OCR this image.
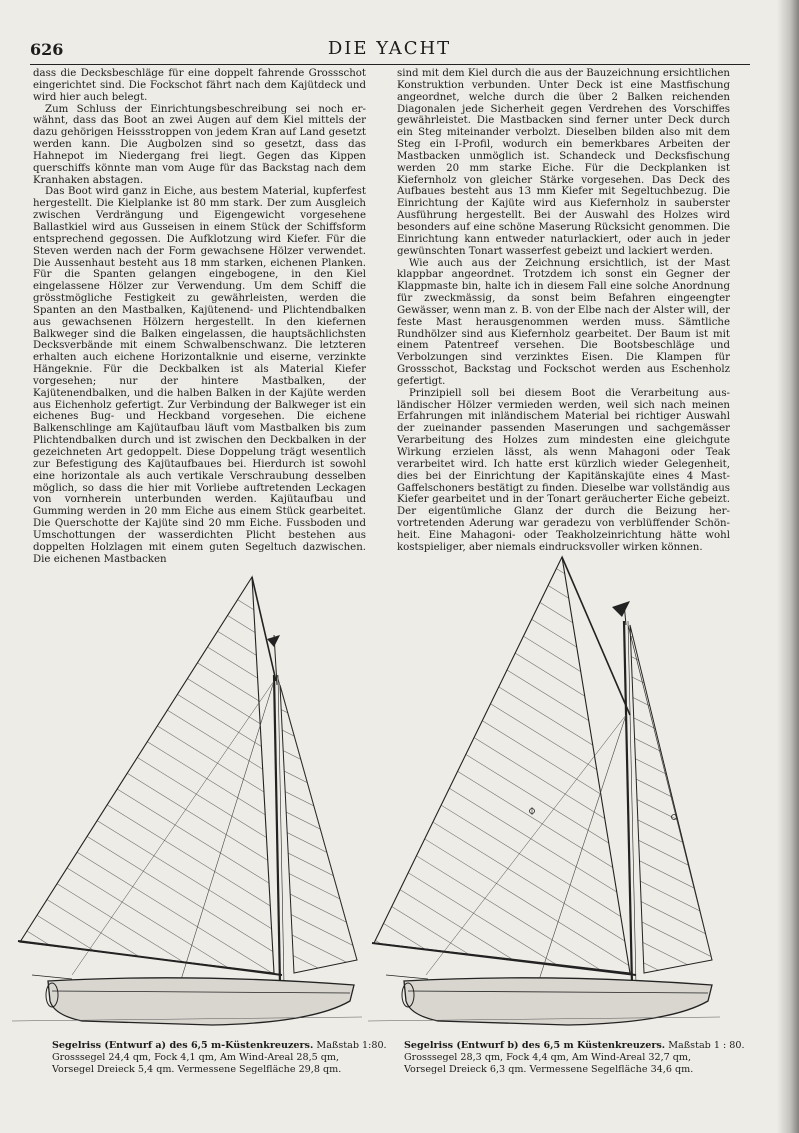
626	DIE YACHT

dass die Decksbeschläge für eine doppelt fahrende Grossschot eingerichtet sind. Die Fockschot fährt nach dem Kajütdeck und wird hier auch belegt.

Zum Schluss der Einrichtungsbeschreibung sei noch erwähnt, dass das Boot an zwei Augen auf dem Kiel mittels der dazu gehörigen Heissstroppen von jedem Kran auf Land gesetzt werden kann. Die Augbolzen sind so gesetzt, dass das Hahnepot im Niedergang frei liegt. Gegen das Kippen querschiffs könnte man vom Auge für das Backstag nach dem Kranhaken abstagen.

Das Boot wird ganz in Eiche, aus bestem Material, kupferfest hergestellt. Die Kielplanke ist 80 mm stark. Der zum Ausgleich zwischen Verdrängung und Eigengewicht vorgesehene Ballastkiel wird aus Gusseisen in einem Stück der Schiffsform entsprechend gegossen. Die Aufklotzung wird Kiefer. Für die Steven werden nach der Form gewachsene Hölzer verwendet. Die Aussenhaut besteht aus 18 mm starken, eichenen Planken. Für die Spanten gelangen eingebogene, in den Kiel eingelassene Hölzer zur Verwendung. Um dem Schiff die grösstmögliche Festigkeit zu gewährleisten, werden die Spanten an den Mastbalken, Kajütenend- und Plichtendbalken aus gewachsenen Hölzern hergestellt. In den kiefernen Balkweger sind die Balken eingelassen, die hauptsächlichsten Decksverbände mit einem Schwalbenschwanz. Die letzteren erhalten auch eichene Horizontalknie und eiserne, verzinkte Hängeknie. Für die Deckbalken ist als Material Kiefer vorgesehen; nur der hintere Mastbalken, der Kajütenendbalken, und die halben Balken in der Kajüte werden aus Eichenholz gefertigt. Zur Verbindung der Balkweger ist ein eichenes Bug- und Heckband vorgesehen. Die eichene Balkenschlinge am Kajütaufbau läuft vom Mastbalken bis zum Plichtendbalken durch und ist zwischen den Deckbalken in der gezeichneten Art gedoppelt. Diese Doppelung trägt wesentlich zur Befestigung des Kajütaufbaues bei. Hierdurch ist sowohl eine horizontale als auch vertikale Verschraubung desselben möglich, so dass die hier mit Vorliebe auftretenden Leckagen von vornherein unterbunden werden. Kajütaufbau und Gumming werden in 20 mm Eiche aus einem Stück gearbeitet. Die Querschotte der Kajüte sind 20 mm Eiche. Fussboden und Umschottungen der wasserdichten Plicht bestehen aus doppelten Holzlagen mit einem guten Segeltuch dazwischen. Die eichenen Mastbacken

sind mit dem Kiel durch die aus der Bauzeichnung ersichtlichen Konstruktion verbunden. Unter Deck ist eine Mastfischung angeordnet, welche durch die über 2 Balken reichenden Diagonalen jede Sicherheit gegen Verdrehen des Vorschiffes gewährleistet. Die Mastbacken sind ferner unter Deck durch ein Steg miteinander verbolzt. Dieselben bilden also mit dem Steg ein I-Profil, wodurch ein bemerkbares Arbeiten der Mastbacken unmöglich ist. Schandeck und Decksfischung werden 20 mm starke Eiche. Für die Deckplanken ist Kiefernholz von gleicher Stärke vorgesehen. Das Deck des Aufbaues besteht aus 13 mm Kiefer mit Segeltuchbezug. Die Einrichtung der Kajüte wird aus Kiefernholz in sauberster Ausführung hergestellt. Bei der Auswahl des Holzes wird besonders auf eine schöne Maserung Rücksicht genommen. Die Einrichtung kann entweder naturlackiert, oder auch in jeder gewünschten Tonart wasserfest gebeizt und lackiert werden.

Wie auch aus der Zeichnung ersichtlich, ist der Mast klappbar angeordnet. Trotzdem ich sonst ein Gegner der Klappmaste bin, halte ich in diesem Fall eine solche Anordnung für zweckmässig, da sonst beim Befahren eingeengter Gewässer, wenn man z. B. von der Elbe nach der Alster will, der feste Mast herausgenommen werden muss. Sämtliche Rundhölzer sind aus Kiefernholz gearbeitet. Der Baum ist mit einem Patentreef versehen. Die Bootsbeschläge und Verbolzungen sind verzinktes Eisen. Die Klampen für Grossschot, Backstag und Fockschot werden aus Eschenholz gefertigt.

Prinzipiell soll bei diesem Boot die Verarbeitung ausländischer Hölzer vermieden werden, weil sich nach meinen Erfahrungen mit inländischem Material bei richtiger Auswahl der zueinander passenden Maserungen und sachgemässer Verarbeitung des Holzes zum mindesten eine gleichgute Wirkung erzielen lässt, als wenn Mahagoni oder Teak verarbeitet wird. Ich hatte erst kürzlich wieder Gelegenheit, dies bei der Einrichtung der Kapitänskajüte eines 4 Mast-Gaffelschoners bestätigt zu finden. Dieselbe war vollständig aus Kiefer gearbeitet und in der Tonart geräucherter Eiche gebeizt. Der eigentümliche Glanz der durch die Beizung hervortretenden Aderung war geradezu von verblüffender Schönheit. Eine Mahagoni- oder Teakholzeinrichtung hätte wohl kostspieliger, aber niemals eindrucksvoller wirken können.

Segelriss (Entwurf a) des 6,5 m-Küstenkreuzers. Maßstab 1:80.
Grosssegel 24,4 qm, Fock 4,1 qm, Am Wind-Areal 28,5 qm,
Vorsegel Dreieck 5,4 qm. Vermessene Segelfläche 29,8 qm.
Segelriss (Entwurf b) des 6,5 m Küstenkreuzers. Maßstab 1 : 80.
Grosssegel 28,3 qm, Fock 4,4 qm, Am Wind-Areal 32,7 qm,
Vorsegel Dreieck 6,3 qm. Vermessene Segelfläche 34,6 qm.
